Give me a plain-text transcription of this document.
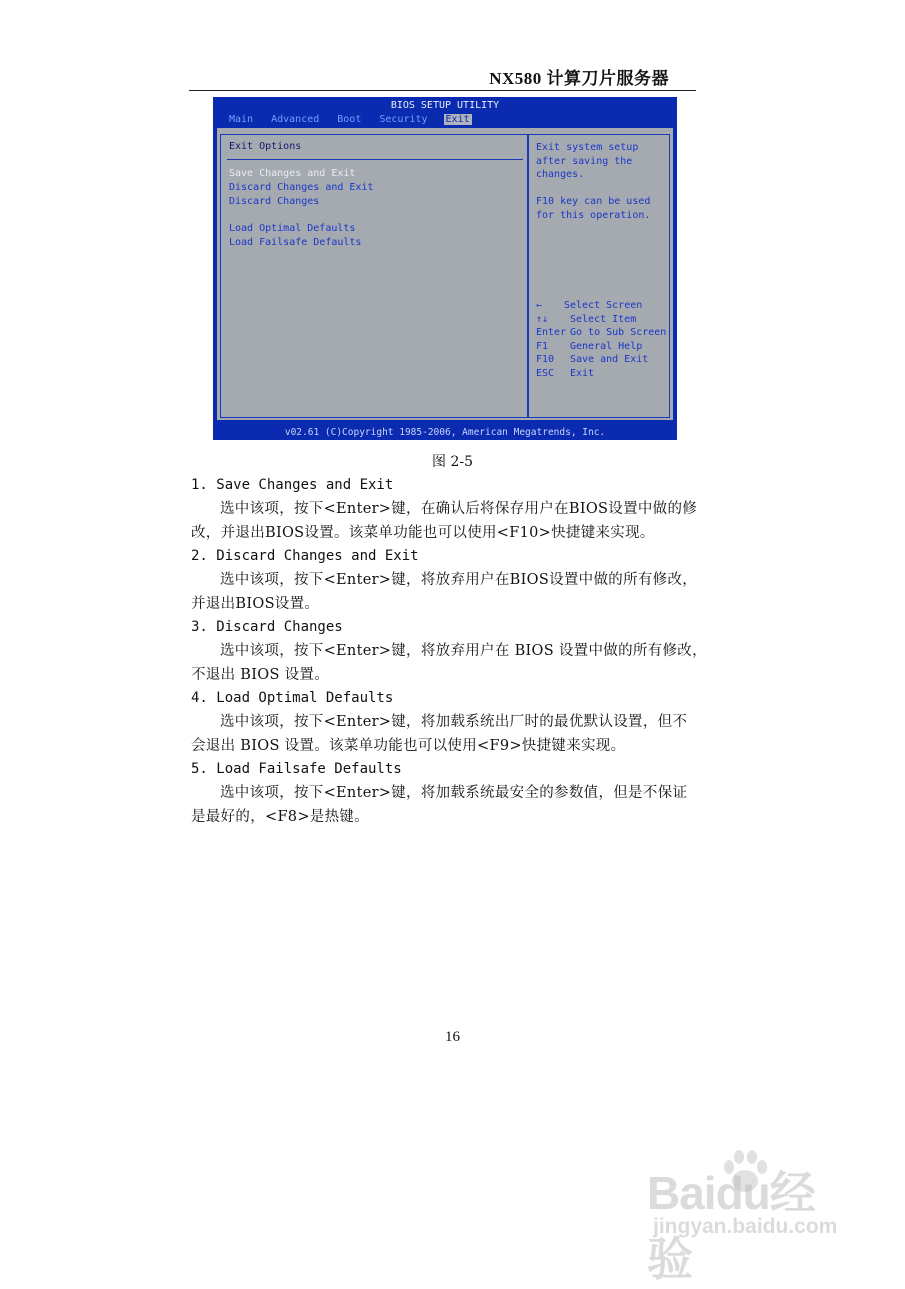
NX580 计算刀片服务器
BIOS SETUP UTILITY
Main Advanced Boot Security Exit
Exit Options
Save Changes and Exit
Discard Changes and Exit
Discard Changes
Load Optimal Defaults
Load Failsafe Defaults
Exit system setup
after saving the
changes.
F10 key can be used
for this operation.
← Select Screen
↑↓ Select Item
Enter Go to Sub Screen
F1 General Help
F10 Save and Exit
ESC Exit
v02.61 (C)Copyright 1985-2006, American Megatrends, Inc.
图 2-5
1. Save Changes and Exit

选中该项，按下<Enter>键，在确认后将保存用户在BIOS设置中做的修
改，并退出BIOS设置。该菜单功能也可以使用<F10>快捷键来实现。

2. Discard Changes and Exit

选中该项，按下<Enter>键，将放弃用户在BIOS设置中做的所有修改，
并退出BIOS设置。

3. Discard Changes

选中该项，按下<Enter>键，将放弃用户在 BIOS 设置中做的所有修改，
不退出 BIOS 设置。

4. Load Optimal Defaults

选中该项，按下<Enter>键，将加载系统出厂时的最优默认设置，但不
会退出 BIOS 设置。该菜单功能也可以使用<F9>快捷键来实现。

5. Load Failsafe Defaults

选中该项，按下<Enter>键，将加载系统最安全的参数值，但是不保证
是最好的，<F8>是热键。

16
Baidu经验
jingyan.baidu.com
